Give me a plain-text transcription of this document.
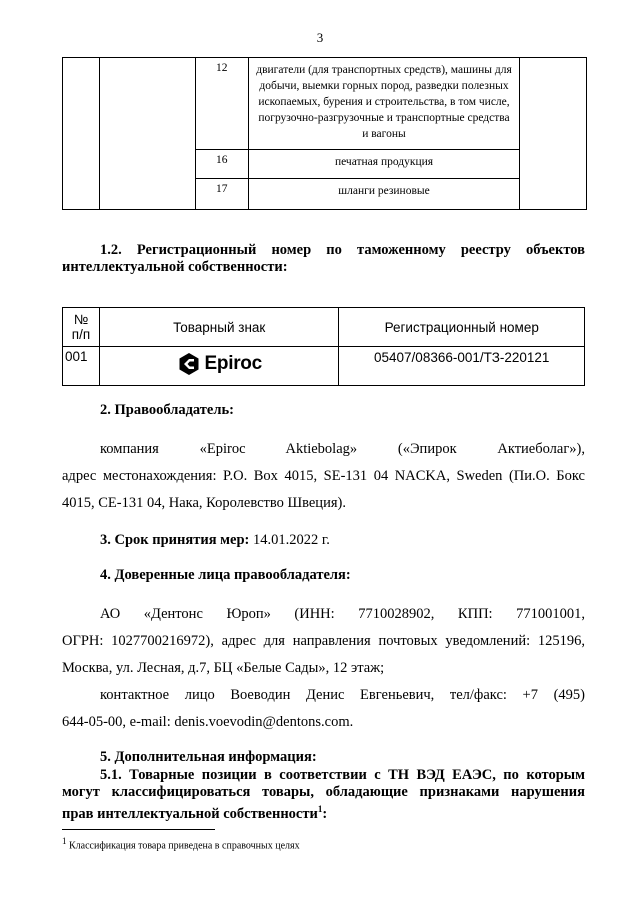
3
		12	двигатели (для транспортных средств), машины для
добычи, выемки горных пород, разведки полезных
ископаемых, бурения и строительства, в том числе,
погрузочно-разгрузочные и транспортные средства
и вагоны	

		16	печатная продукция	

		17	шланги резиновые	
1.2. Регистрационный номер по таможенному реестру объектов
интеллектуальной собственности:
№
п/п	Товарный знак	Регистрационный номер
001	Epiroc	05407/08366-001/ТЗ-220121
2. Правообладатель:
компания «Epiroc Aktiebolag» («Эпирок Актиеболаг»),
адрес местонахождения: P.O. Box 4015, SE-131 04 NACKA, Sweden (Пи.О. Бокс
4015, СЕ-131 04, Нака, Королевство Швеция).
3. Срок принятия мер: 14.01.2022 г.
4. Доверенные лица правообладателя:
АО «Дентонс Юроп» (ИНН: 7710028902, КПП: 771001001,
ОГРН: 1027700216972), адрес для направления почтовых уведомлений: 125196,
Москва, ул. Лесная, д.7, БЦ «Белые Сады», 12 этаж;
контактное лицо Воеводин Денис Евгеньевич, тел/факс: +7 (495)
644-05-00, e-mail: denis.voevodin@dentons.com.
5. Дополнительная информация:
5.1. Товарные позиции в соответствии с ТН ВЭД ЕАЭС, по которым
могут классифицироваться товары, обладающие признаками нарушения
прав интеллектуальной собственности$^1$:
$^1$ Классификация товара приведена в справочных целях
